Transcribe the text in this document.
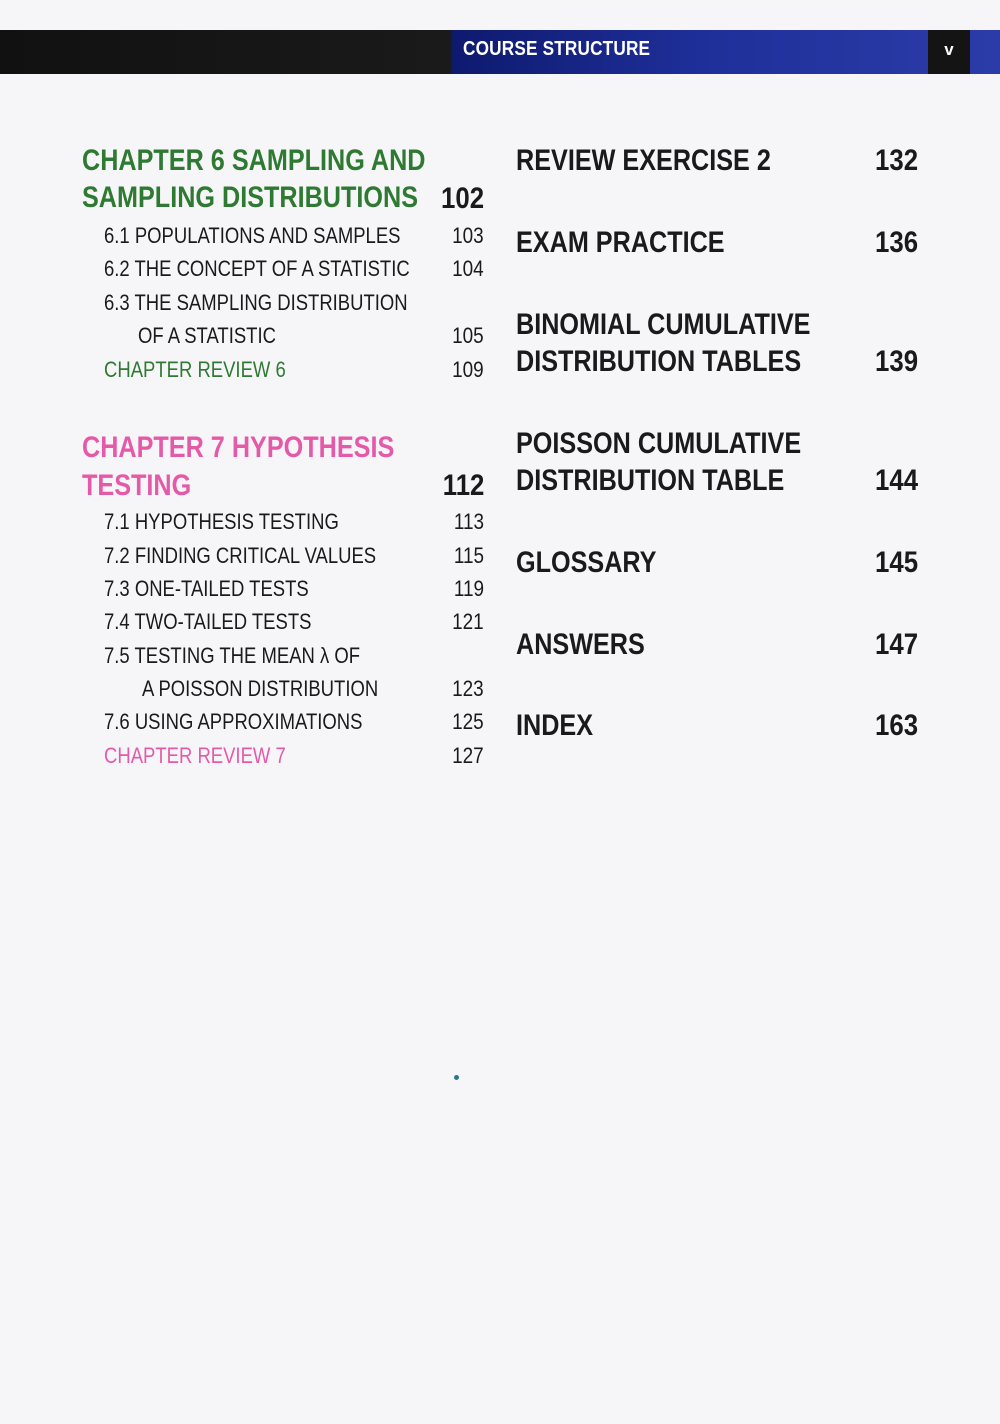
COURSE STRUCTURE	v
CHAPTER 6 SAMPLING AND
SAMPLING DISTRIBUTIONS 102
6.1 POPULATIONS AND SAMPLES 103
6.2 THE CONCEPT OF A STATISTIC 104
6.3 THE SAMPLING DISTRIBUTION
OF A STATISTIC	105
CHAPTER REVIEW 6	109
CHAPTER 7 HYPOTHESIS
TESTING	112
7.1 HYPOTHESIS TESTING	113
7.2 FINDING CRITICAL VALUES	115
7.3 ONE-TAILED TESTS	119
7.4 TWO-TAILED TESTS	121
7.5 TESTING THE MEAN λ OF
A POISSON DISTRIBUTION	123
7.6 USING APPROXIMATIONS	125
CHAPTER REVIEW 7	127
REVIEW EXERCISE 2	132
EXAM PRACTICE	136
BINOMIAL CUMULATIVE
DISTRIBUTION TABLES 139
POISSON CUMULATIVE
DISTRIBUTION TABLE	144
GLOSSARY	145
ANSWERS	147
INDEX	163
